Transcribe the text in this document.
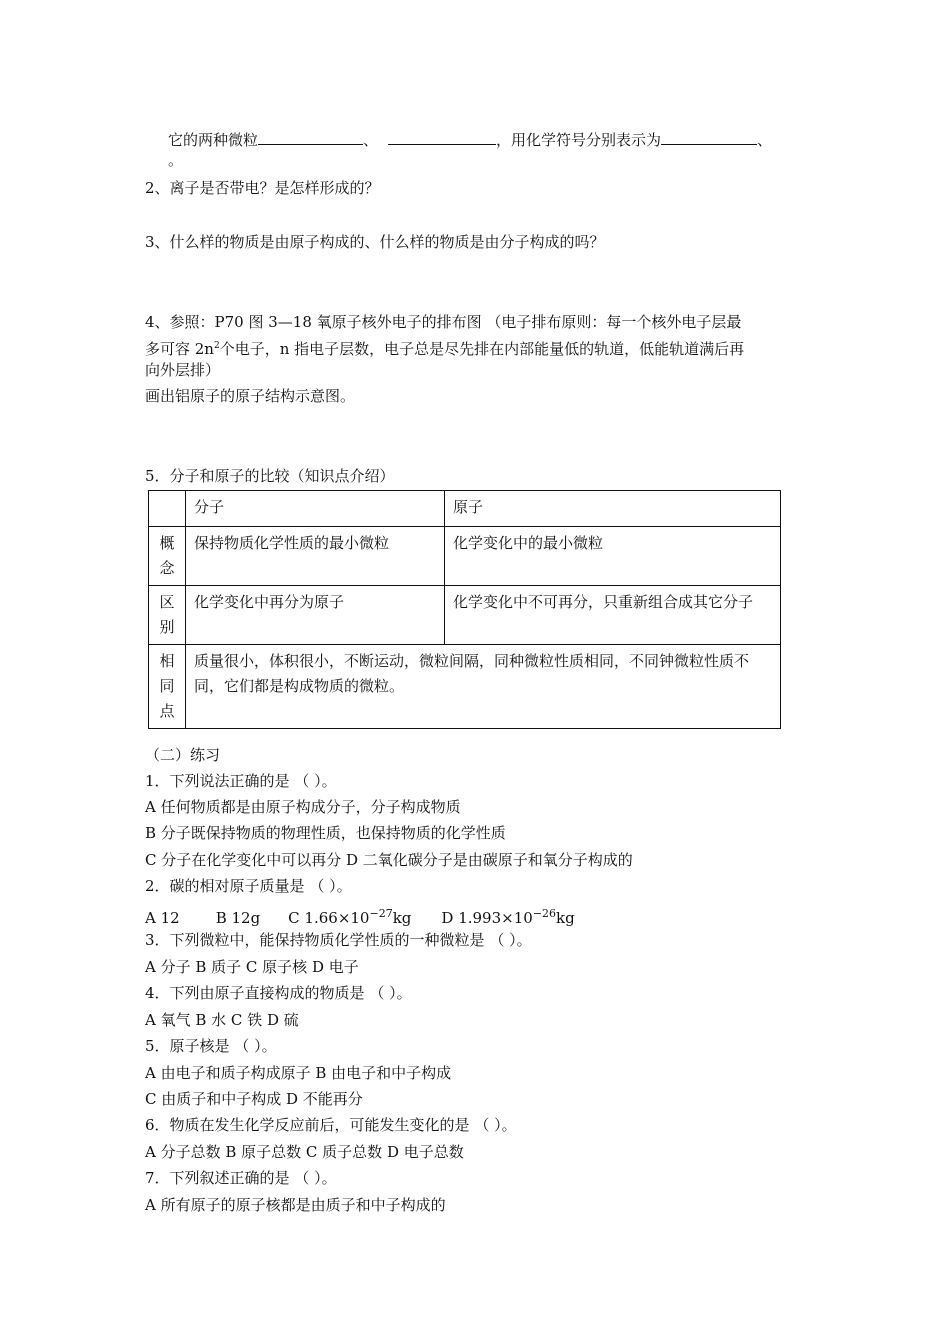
它的两种微粒	、	，用化学符号分别表示为	、
。
2、离子是否带电？是怎样形成的？
3、什么样的物质是由原子构成的、什么样的物质是由分子构成的吗？
4、参照：P70 图 3—18 氧原子核外电子的排布图 （电子排布原则：每一个核外电子层最
多可容 $2n^2$个电子，n 指电子层数，电子总是尽先排在内部能量低的轨道，低能轨道满后再
向外层排）
画出铝原子的原子结构示意图。
5．分子和原子的比较（知识点介绍）
	分子	原子
概念	保持物质化学性质的最小微粒	化学变化中的最小微粒
区别	化学变化中再分为原子	化学变化中不可再分，只重新组合成其它分子
相同点	质量很小，体积很小，不断运动，微粒间隔，同种微粒性质相同，不同钟微粒性质不同，它们都是构成物质的微粒。	
（二）练习
1．下列说法正确的是 （ ）。
A 任何物质都是由原子构成分子，分子构成物质
B 分子既保持物质的物理性质，也保持物质的化学性质
C 分子在化学变化中可以再分 D 二氧化碳分子是由碳原子和氧分子构成的
2．碳的相对原子质量是 （ ）。
A 12 B 12g C $1.66\times 10^{-27}kg$ D $1.993\times 10^{-26}kg$
3．下列微粒中，能保持物质化学性质的一种微粒是 （ ）。
A 分子 B 质子 C 原子核 D 电子
4．下列由原子直接构成的物质是 （ ）。
A 氧气 B 水 C 铁 D 硫
5．原子核是 （ ）。
A 由电子和质子构成原子 B 由电子和中子构成
C 由质子和中子构成 D 不能再分
6．物质在发生化学反应前后，可能发生变化的是 （ ）。
A 分子总数 B 原子总数 C 质子总数 D 电子总数
7．下列叙述正确的是 （ ）。
A 所有原子的原子核都是由质子和中子构成的
